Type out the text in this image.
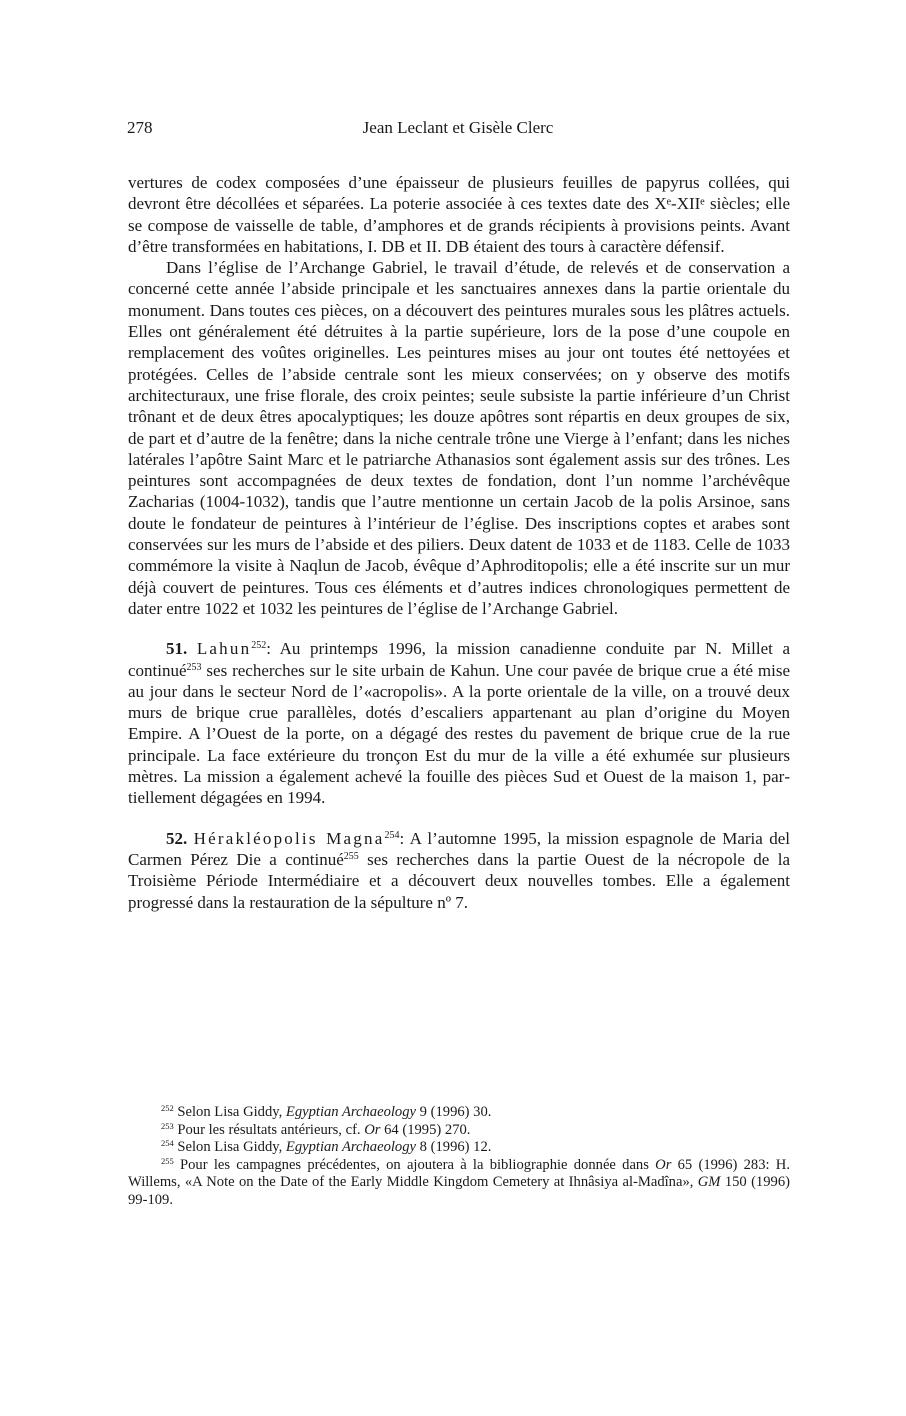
278	Jean Leclant et Gisèle Clerc

vertures de codex composées d’une épaisseur de plusieurs feuilles de papyrus collées, qui devront être décollées et séparées. La poterie associée à ces textes date des Xᵉ-XIIᵉ siècles; elle se compose de vaisselle de table, d’amphores et de grands récipients à provisions peints. Avant d’être transformées en habitations, I. DB et II. DB étaient des tours à caractère défensif.

Dans l’église de l’Archange Gabriel, le travail d’étude, de relevés et de conservation a concerné cette année l’abside principale et les sanctuaires annexes dans la partie orientale du monument. Dans toutes ces pièces, on a découvert des peintures murales sous les plâtres actuels. Elles ont généralement été détruites à la partie supérieure, lors de la pose d’une coupole en remplacement des voûtes originelles. Les peintures mises au jour ont toutes été nettoyées et protégées. Celles de l’abside centrale sont les mieux conservées; on y observe des motifs architecturaux, une frise florale, des croix peintes; seule subsiste la partie inférieure d’un Christ trônant et de deux êtres apocalyptiques; les douze apôtres sont répartis en deux groupes de six, de part et d’autre de la fenêtre; dans la niche centrale trône une Vierge à l’enfant; dans les niches latérales l’apôtre Saint Marc et le patriarche Athanasios sont également assis sur des trônes. Les peintures sont accompagnées de deux textes de fondation, dont l’un nomme l’archévêque Zacharias (1004-1032), tandis que l’autre mentionne un certain Jacob de la polis Arsinoe, sans doute le fondateur de peintures à l’intérieur de l’église. Des inscriptions coptes et arabes sont conservées sur les murs de l’abside et des piliers. Deux datent de 1033 et de 1183. Celle de 1033 commémore la visite à Naqlun de Jacob, évêque d’Aphroditopolis; elle a été inscrite sur un mur déjà couvert de peintures. Tous ces éléments et d’autres indices chronologiques permettent de dater entre 1022 et 1032 les peintures de l’église de l’Archange Gabriel.

51. Lahun$^{252}$: Au printemps 1996, la mission canadienne conduite par N. Millet a continué$^{253}$ ses recherches sur le site urbain de Kahun. Une cour pavée de brique crue a été mise au jour dans le secteur Nord de l’«acropolis». A la porte orientale de la ville, on a trouvé deux murs de brique crue parallèles, dotés d’escaliers appartenant au plan d’origine du Moyen Empire. A l’Ouest de la porte, on a dégagé des restes du pavement de brique crue de la rue principale. La face extérieure du tronçon Est du mur de la ville a été exhumée sur plusieurs mètres. La mission a également achevé la fouille des pièces Sud et Ouest de la maison 1, partiellement dégagées en 1994.

52. Hérakléopolis Magna$^{254}$: A l’automne 1995, la mission espagnole de Maria del Carmen Pérez Die a continué$^{255}$ ses recherches dans la partie Ouest de la nécropole de la Troisième Période Intermédiaire et a découvert deux nouvelles tombes. Elle a également progressé dans la restauration de la sépulture nº 7.

$^{252}$ Selon Lisa Giddy, Egyptian Archaeology 9 (1996) 30.

$^{253}$ Pour les résultats antérieurs, cf. Or 64 (1995) 270.

$^{254}$ Selon Lisa Giddy, Egyptian Archaeology 8 (1996) 12.

$^{255}$ Pour les campagnes précédentes, on ajoutera à la bibliographie donnée dans Or 65 (1996) 283: H. Willems, «A Note on the Date of the Early Middle Kingdom Cemetery at Ihnâsiya al-Madîna», GM 150 (1996) 99-109.
